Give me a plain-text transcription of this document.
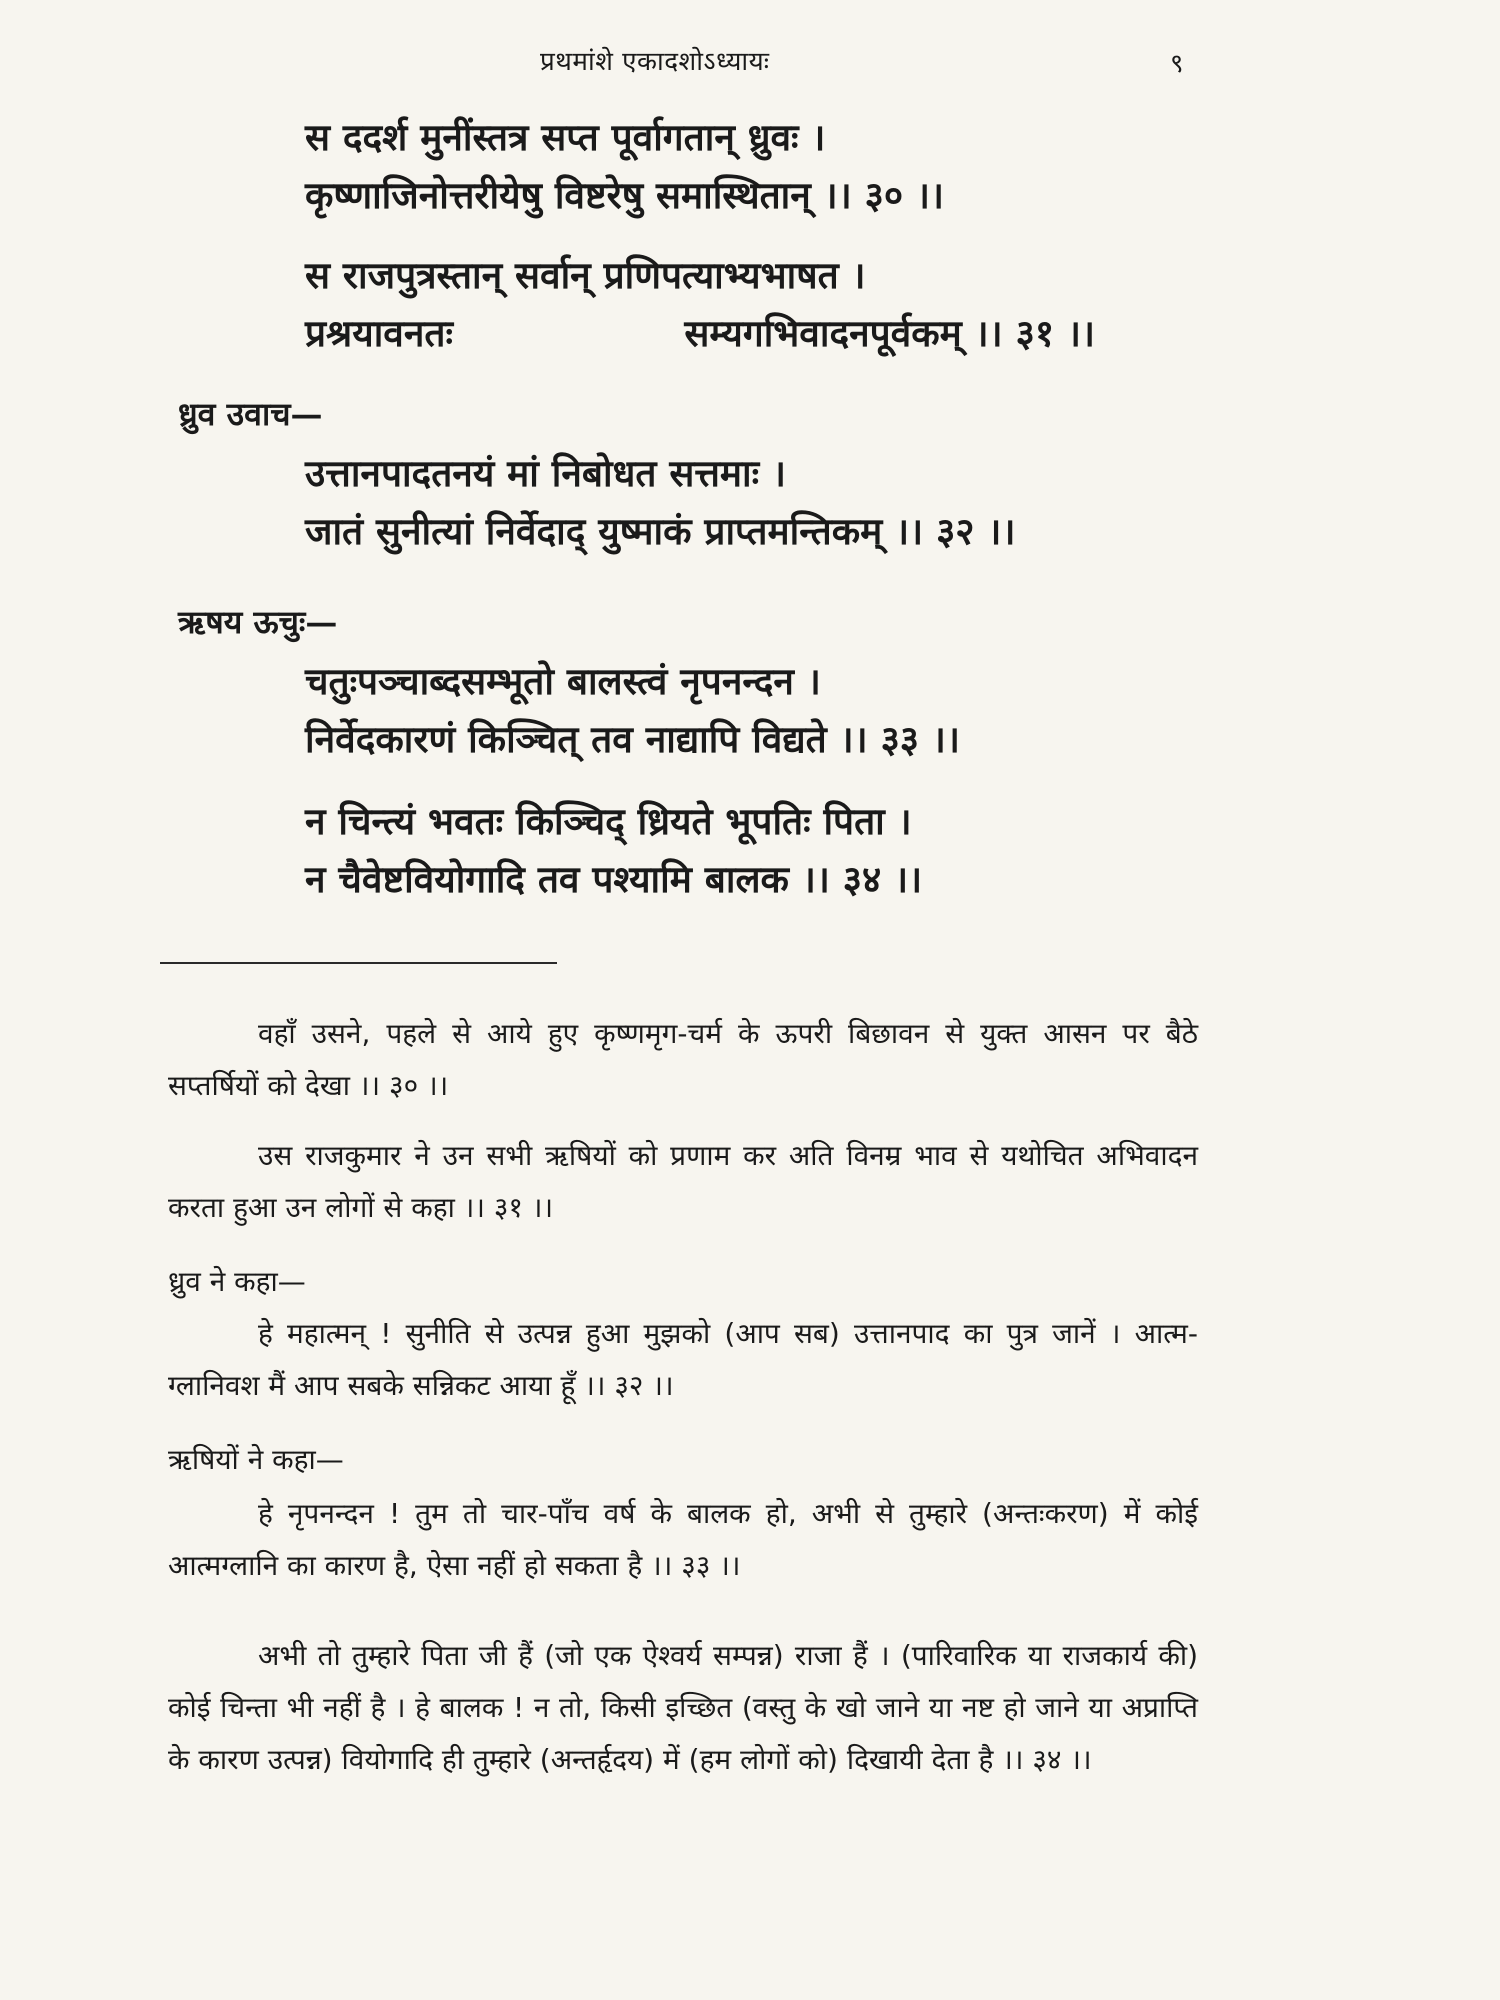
प्रथमांशे एकादशोऽध्यायः	९
स ददर्श मुनींस्तत्र सप्त पूर्वागतान् ध्रुवः ।
कृष्णाजिनोत्तरीयेषु विष्टरेषु समास्थितान् ।। ३० ।।
स राजपुत्रस्तान् सर्वान् प्रणिपत्याभ्यभाषत ।
प्रश्रयावनतः	सम्यगभिवादनपूर्वकम् ।। ३१ ।।
ध्रुव उवाच—
उत्तानपादतनयं मां निबोधत सत्तमाः ।
जातं सुनीत्यां निर्वेदाद् युष्माकं प्राप्तमन्तिकम् ।। ३२ ।।
ऋषय ऊचुः—
चतुःपञ्चाब्दसम्भूतो बालस्त्वं नृपनन्दन ।
निर्वेदकारणं किञ्चित् तव नाद्यापि विद्यते ।। ३३ ।।
न चिन्त्यं भवतः किञ्चिद् ध्रियते भूपतिः पिता ।
न चैवेष्टवियोगादि तव पश्यामि बालक ।। ३४ ।।
वहाँ उसने, पहले से आये हुए कृष्णमृग-चर्म के ऊपरी बिछावन से युक्त आसन पर बैठे सप्तर्षियों को देखा ।। ३० ।।
उस राजकुमार ने उन सभी ऋषियों को प्रणाम कर अति विनम्र भाव से यथोचित अभिवादन करता हुआ उन लोगों से कहा ।। ३१ ।।
ध्रुव ने कहा—
हे महात्मन् ! सुनीति से उत्पन्न हुआ मुझको (आप सब) उत्तानपाद का पुत्र जानें । आत्म-ग्लानिवश मैं आप सबके सन्निकट आया हूँ ।। ३२ ।।
ऋषियों ने कहा—
हे नृपनन्दन ! तुम तो चार-पाँच वर्ष के बालक हो, अभी से तुम्हारे (अन्तःकरण) में कोई आत्मग्लानि का कारण है, ऐसा नहीं हो सकता है ।। ३३ ।।
अभी तो तुम्हारे पिता जी हैं (जो एक ऐश्वर्य सम्पन्न) राजा हैं । (पारिवारिक या राजकार्य की) कोई चिन्ता भी नहीं है । हे बालक ! न तो, किसी इच्छित (वस्तु के खो जाने या नष्ट हो जाने या अप्राप्ति के कारण उत्पन्न) वियोगादि ही तुम्हारे (अन्तर्हृदय) में (हम लोगों को) दिखायी देता है ।। ३४ ।।
